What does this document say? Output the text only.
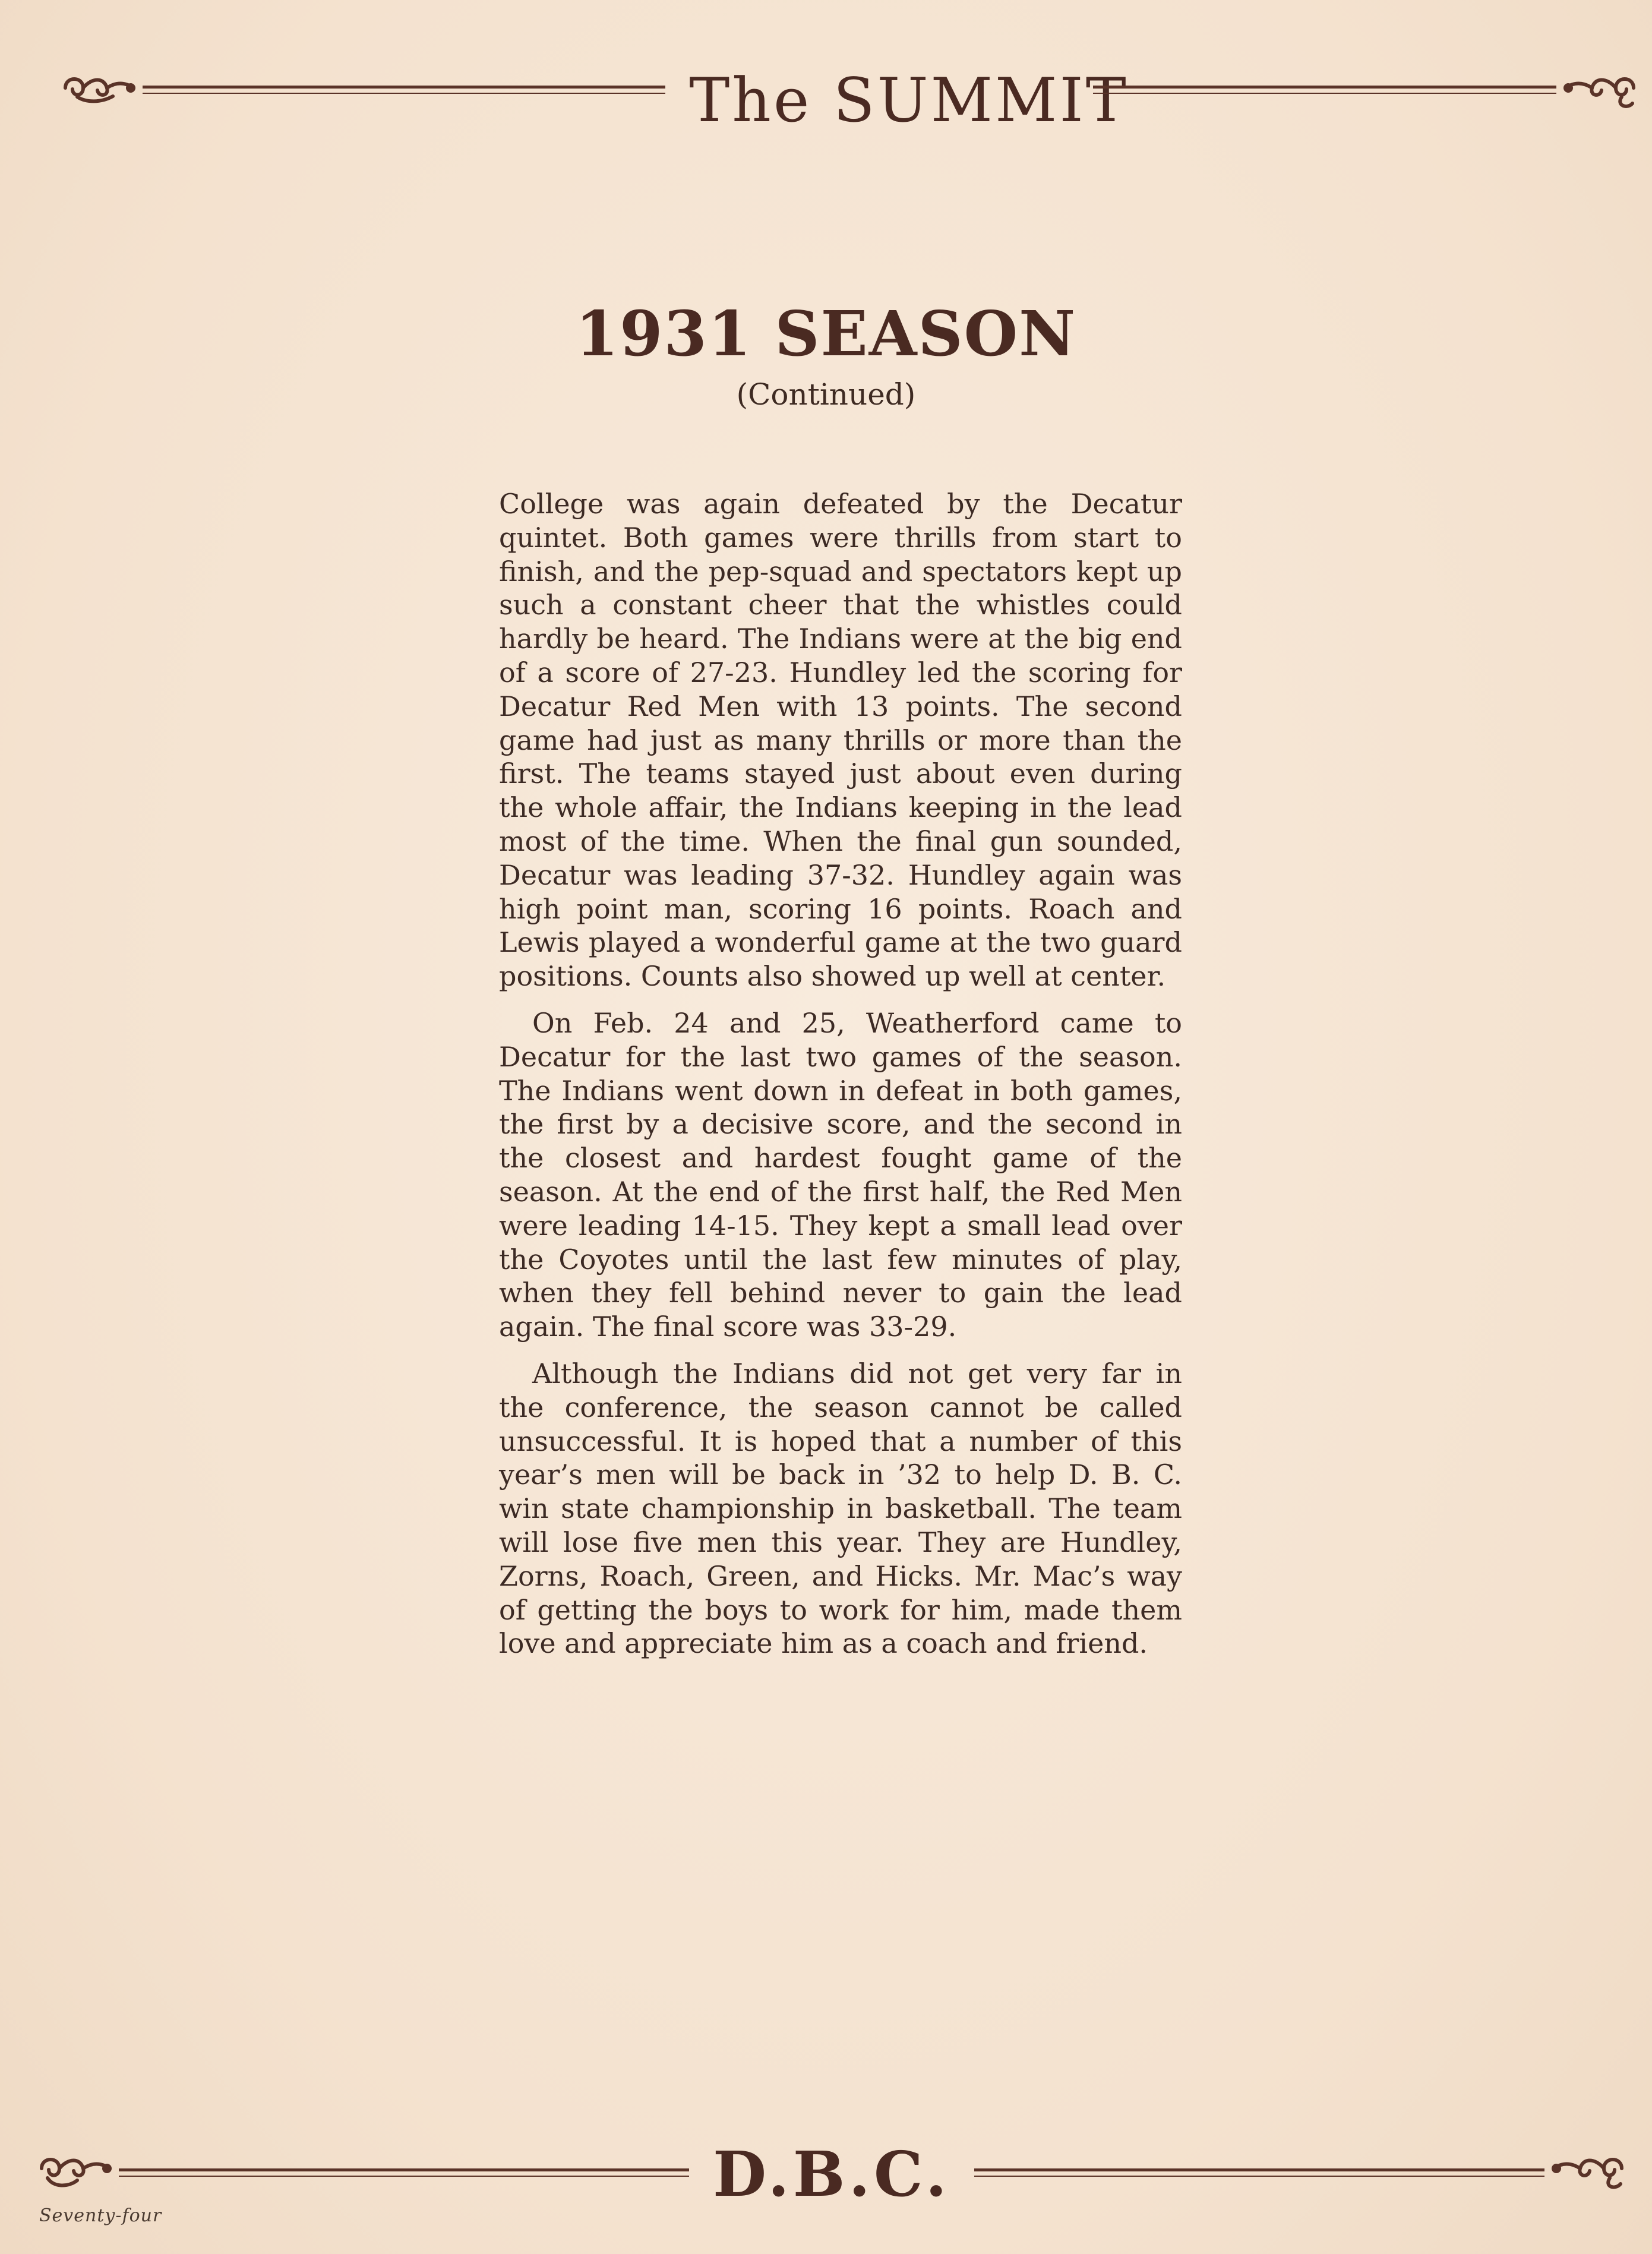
The SUMMIT
1931 SEASON
(Continued)

College was again defeated by the Decatur quintet. Both games were thrills from start to finish, and the pep-squad and spectators kept up such a constant cheer that the whistles could hardly be heard. The Indians were at the big end of a score of 27-23. Hundley led the scoring for Decatur Red Men with 13 points. The second game had just as many thrills or more than the first. The teams stayed just about even during the whole affair, the Indians keeping in the lead most of the time. When the final gun sounded, Decatur was leading 37-32. Hundley again was high point man, scoring 16 points. Roach and Lewis played a wonderful game at the two guard positions. Counts also showed up well at center.

On Feb. 24 and 25, Weatherford came to Decatur for the last two games of the season. The Indians went down in defeat in both games, the first by a decisive score, and the second in the closest and hardest fought game of the season. At the end of the first half, the Red Men were leading 14-15. They kept a small lead over the Coyotes until the last few minutes of play, when they fell behind never to gain the lead again. The final score was 33-29.

Although the Indians did not get very far in the conference, the season cannot be called unsuccessful. It is hoped that a number of this year’s men will be back in ’32 to help D. B. C. win state championship in basketball. The team will lose five men this year. They are Hundley, Zorns, Roach, Green, and Hicks. Mr. Mac’s way of getting the boys to work for him, made them love and appreciate him as a coach and friend.

D.B.C.
Seventy-four
